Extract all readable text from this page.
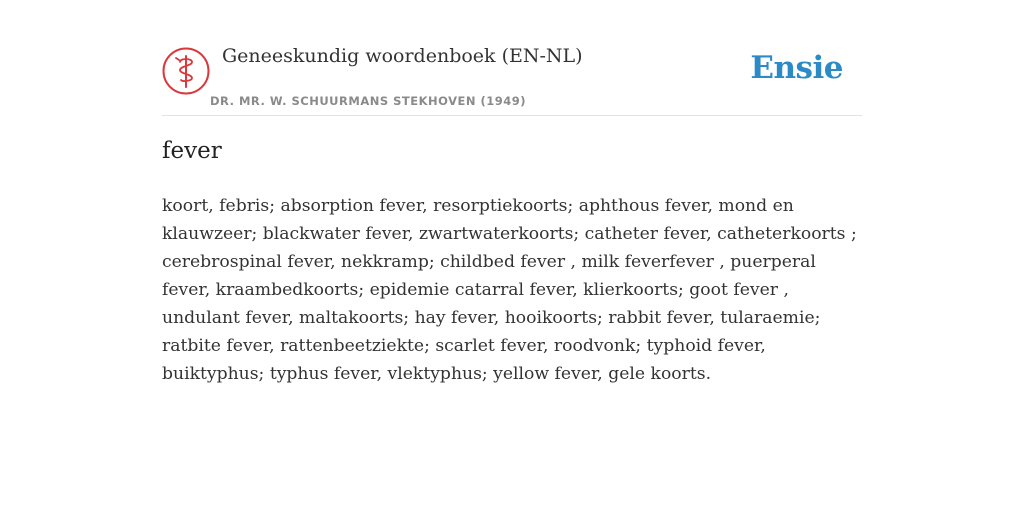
Geneeskundig woordenboek (EN-NL)
DR. MR. W. SCHUURMANS STEKHOVEN (1949)
Ensie
fever

koort, febris; absorption fever, resorptiekoorts; aphthous fever, mond en klauwzeer; blackwater fever, zwartwaterkoorts; catheter fever, catheterkoorts ; cerebrospinal fever, nekkramp; childbed fever , milk feverfever , puerperal fever, kraambedkoorts; epidemie catarral fever, klierkoorts; goot fever , undulant fever, maltakoorts; hay fever, hooikoorts; rabbit fever, tularaemie; ratbite fever, rattenbeetziekte; scarlet fever, roodvonk; typhoid fever, buiktyphus; typhus fever, vlektyphus; yellow fever, gele koorts.
